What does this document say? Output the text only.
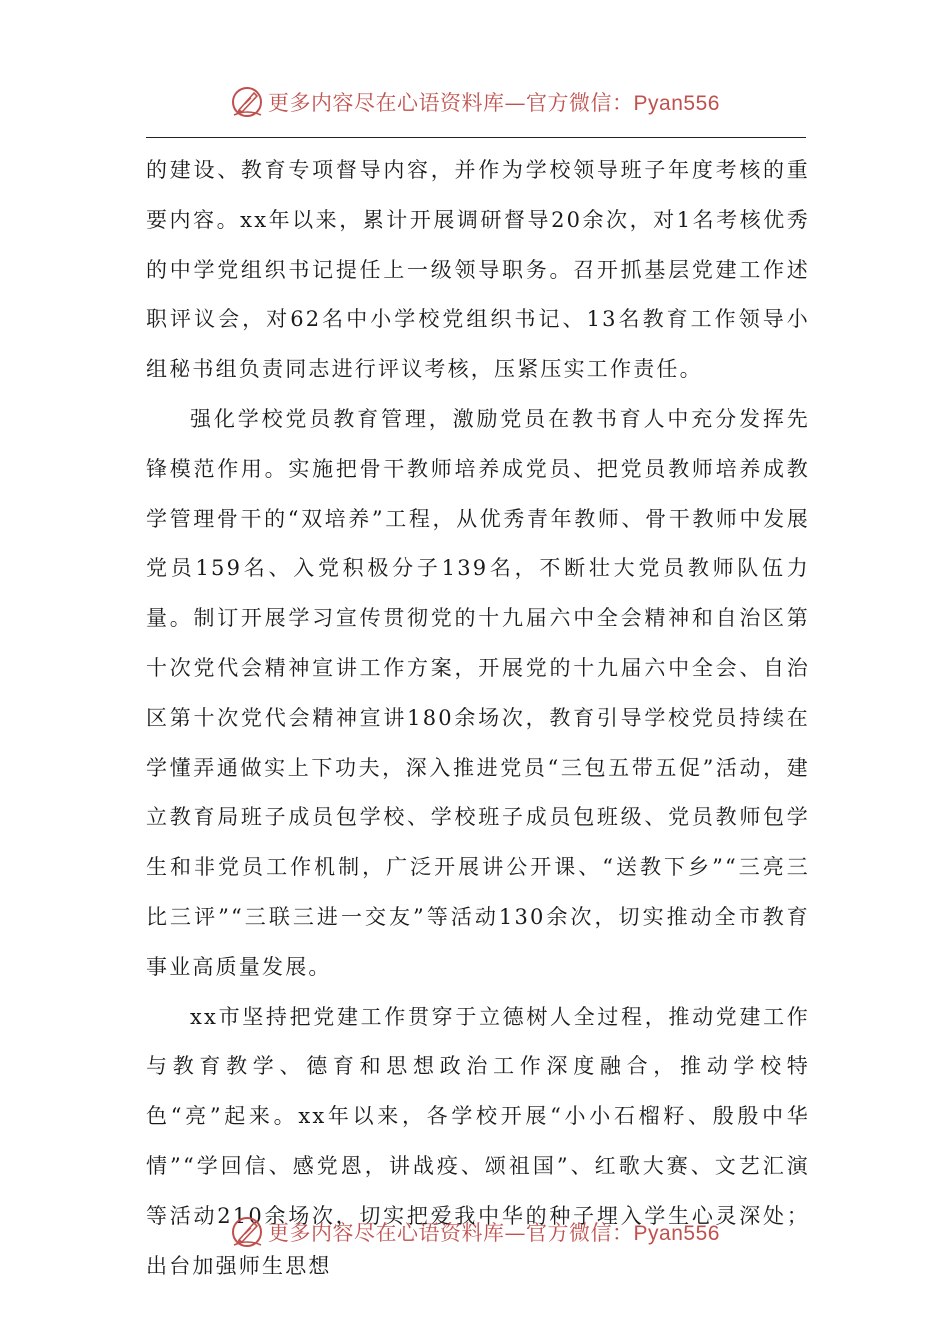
更多内容尽在心语资料库—官方微信：Pyan556

的建设、教育专项督导内容，并作为学校领导班子年度考核的重要内容。xx年以来，累计开展调研督导20余次，对1名考核优秀的中学党组织书记提任上一级领导职务。召开抓基层党建工作述职评议会，对62名中小学校党组织书记、13名教育工作领导小组秘书组负责同志进行评议考核，压紧压实工作责任。

强化学校党员教育管理，激励党员在教书育人中充分发挥先锋模范作用。实施把骨干教师培养成党员、把党员教师培养成教学管理骨干的“双培养”工程，从优秀青年教师、骨干教师中发展党员159名、入党积极分子139名，不断壮大党员教师队伍力量。制订开展学习宣传贯彻党的十九届六中全会精神和自治区第十次党代会精神宣讲工作方案，开展党的十九届六中全会、自治区第十次党代会精神宣讲180余场次，教育引导学校党员持续在学懂弄通做实上下功夫，深入推进党员“三包五带五促”活动，建立教育局班子成员包学校、学校班子成员包班级、党员教师包学生和非党员工作机制，广泛开展讲公开课、“送教下乡”“三亮三比三评”“三联三进一交友”等活动130余次，切实推动全市教育事业高质量发展。

xx市坚持把党建工作贯穿于立德树人全过程，推动党建工作与教育教学、德育和思想政治工作深度融合，推动学校特色“亮”起来。xx年以来，各学校开展“小小石榴籽、殷殷中华情”“学回信、感党恩，讲战疫、颂祖国”、红歌大赛、文艺汇演等活动210余场次，切实把爱我中华的种子埋入学生心灵深处；出台加强师生思想

更多内容尽在心语资料库—官方微信：Pyan556
